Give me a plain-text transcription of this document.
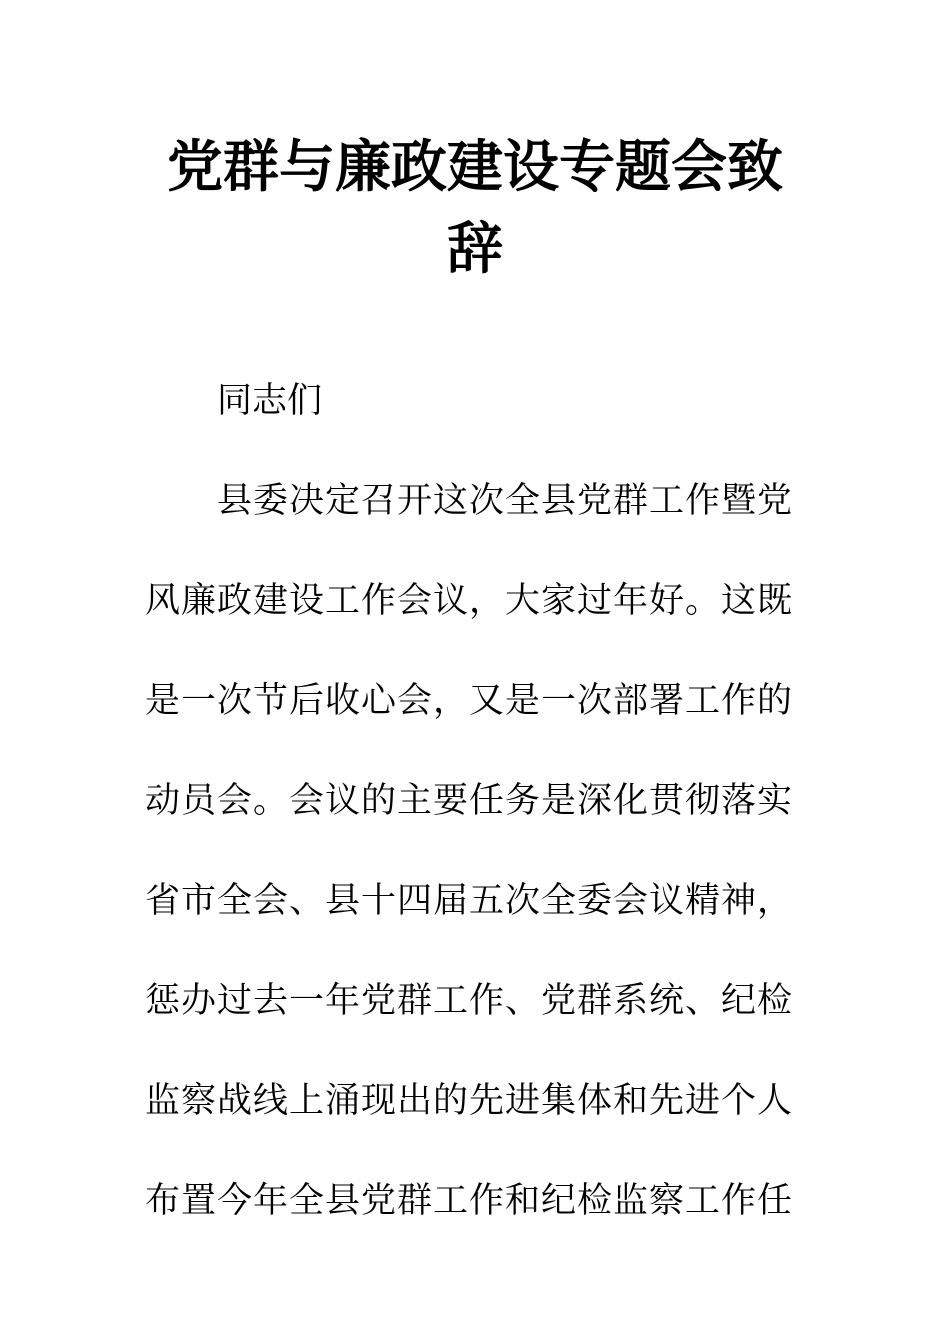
党群与廉政建设专题会致
辞

同志们

县委决定召开这次全县党群工作暨党

风廉政建设工作会议，大家过年好。这既

是一次节后收心会，又是一次部署工作的

动员会。会议的主要任务是深化贯彻落实

省市全会、县十四届五次全委会议精神，

惩办过去一年党群工作、党群系统、纪检

监察战线上涌现出的先进集体和先进个人

布置今年全县党群工作和纪检监察工作任
